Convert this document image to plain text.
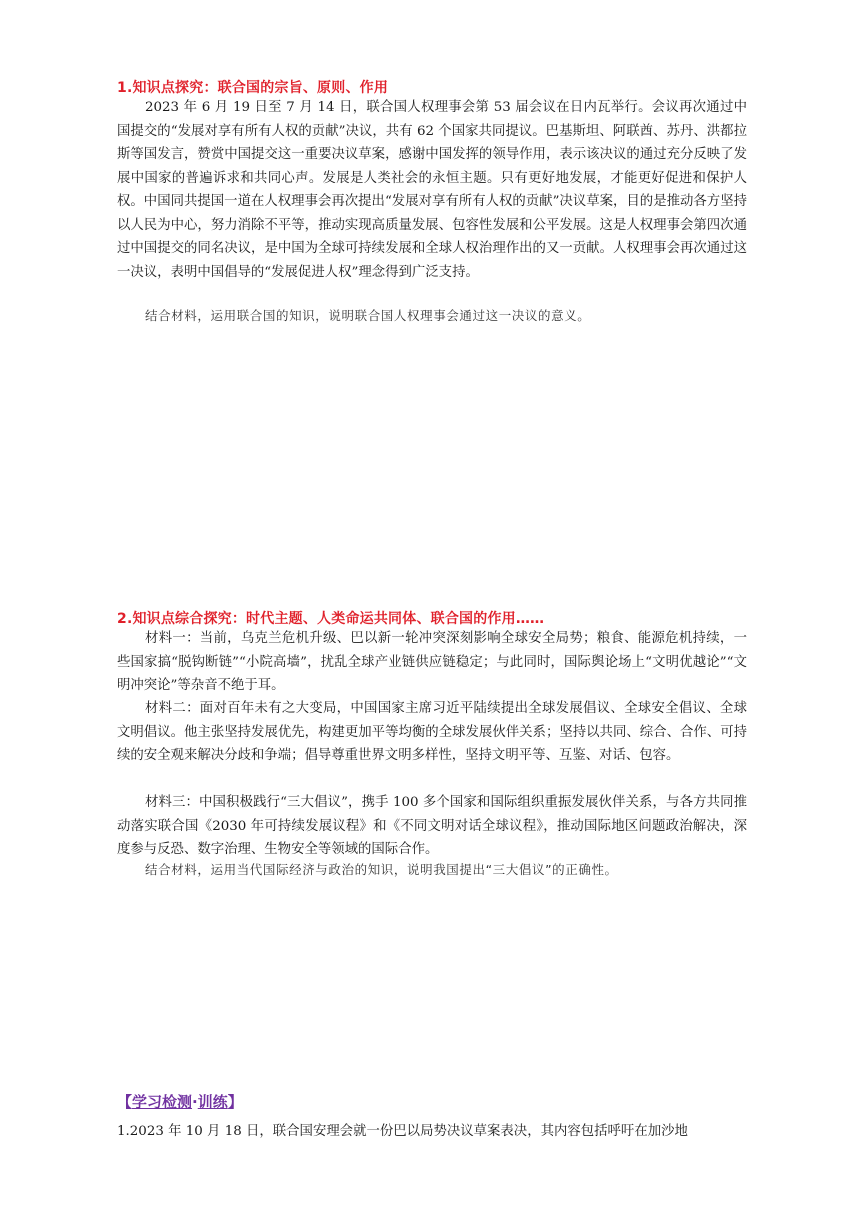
1.知识点探究：联合国的宗旨、原则、作用

2023 年 6 月 19 日至 7 月 14 日，联合国人权理事会第 53 届会议在日内瓦举行。会议再次通过中国提交的“发展对享有所有人权的贡献”决议，共有 62 个国家共同提议。巴基斯坦、阿联酋、苏丹、洪都拉斯等国发言，赞赏中国提交这一重要决议草案，感谢中国发挥的领导作用，表示该决议的通过充分反映了发展中国家的普遍诉求和共同心声。发展是人类社会的永恒主题。只有更好地发展，才能更好促进和保护人权。中国同共提国一道在人权理事会再次提出“发展对享有所有人权的贡献”决议草案，目的是推动各方坚持以人民为中心，努力消除不平等，推动实现高质量发展、包容性发展和公平发展。这是人权理事会第四次通过中国提交的同名决议，是中国为全球可持续发展和全球人权治理作出的又一贡献。人权理事会再次通过这一决议，表明中国倡导的“发展促进人权”理念得到广泛支持。

结合材料，运用联合国的知识，说明联合国人权理事会通过这一决议的意义。
2.知识点综合探究：时代主题、人类命运共同体、联合国的作用……

材料一：当前，乌克兰危机升级、巴以新一轮冲突深刻影响全球安全局势；粮食、能源危机持续，一些国家搞“脱钩断链”“小院高墙”，扰乱全球产业链供应链稳定；与此同时，国际舆论场上“文明优越论”“文明冲突论”等杂音不绝于耳。

材料二：面对百年未有之大变局，中国国家主席习近平陆续提出全球发展倡议、全球安全倡议、全球文明倡议。他主张坚持发展优先，构建更加平等均衡的全球发展伙伴关系；坚持以共同、综合、合作、可持续的安全观来解决分歧和争端；倡导尊重世界文明多样性，坚持文明平等、互鉴、对话、包容。

材料三：中国积极践行“三大倡议”，携手 100 多个国家和国际组织重振发展伙伴关系，与各方共同推动落实联合国《2030 年可持续发展议程》和《不同文明对话全球议程》，推动国际地区问题政治解决，深度参与反恐、数字治理、生物安全等领域的国际合作。

结合材料，运用当代国际经济与政治的知识，说明我国提出“三大倡议”的正确性。
【学习检测·训练】
1.2023 年 10 月 18 日，联合国安理会就一份巴以局势决议草案表决，其内容包括呼吁在加沙地
